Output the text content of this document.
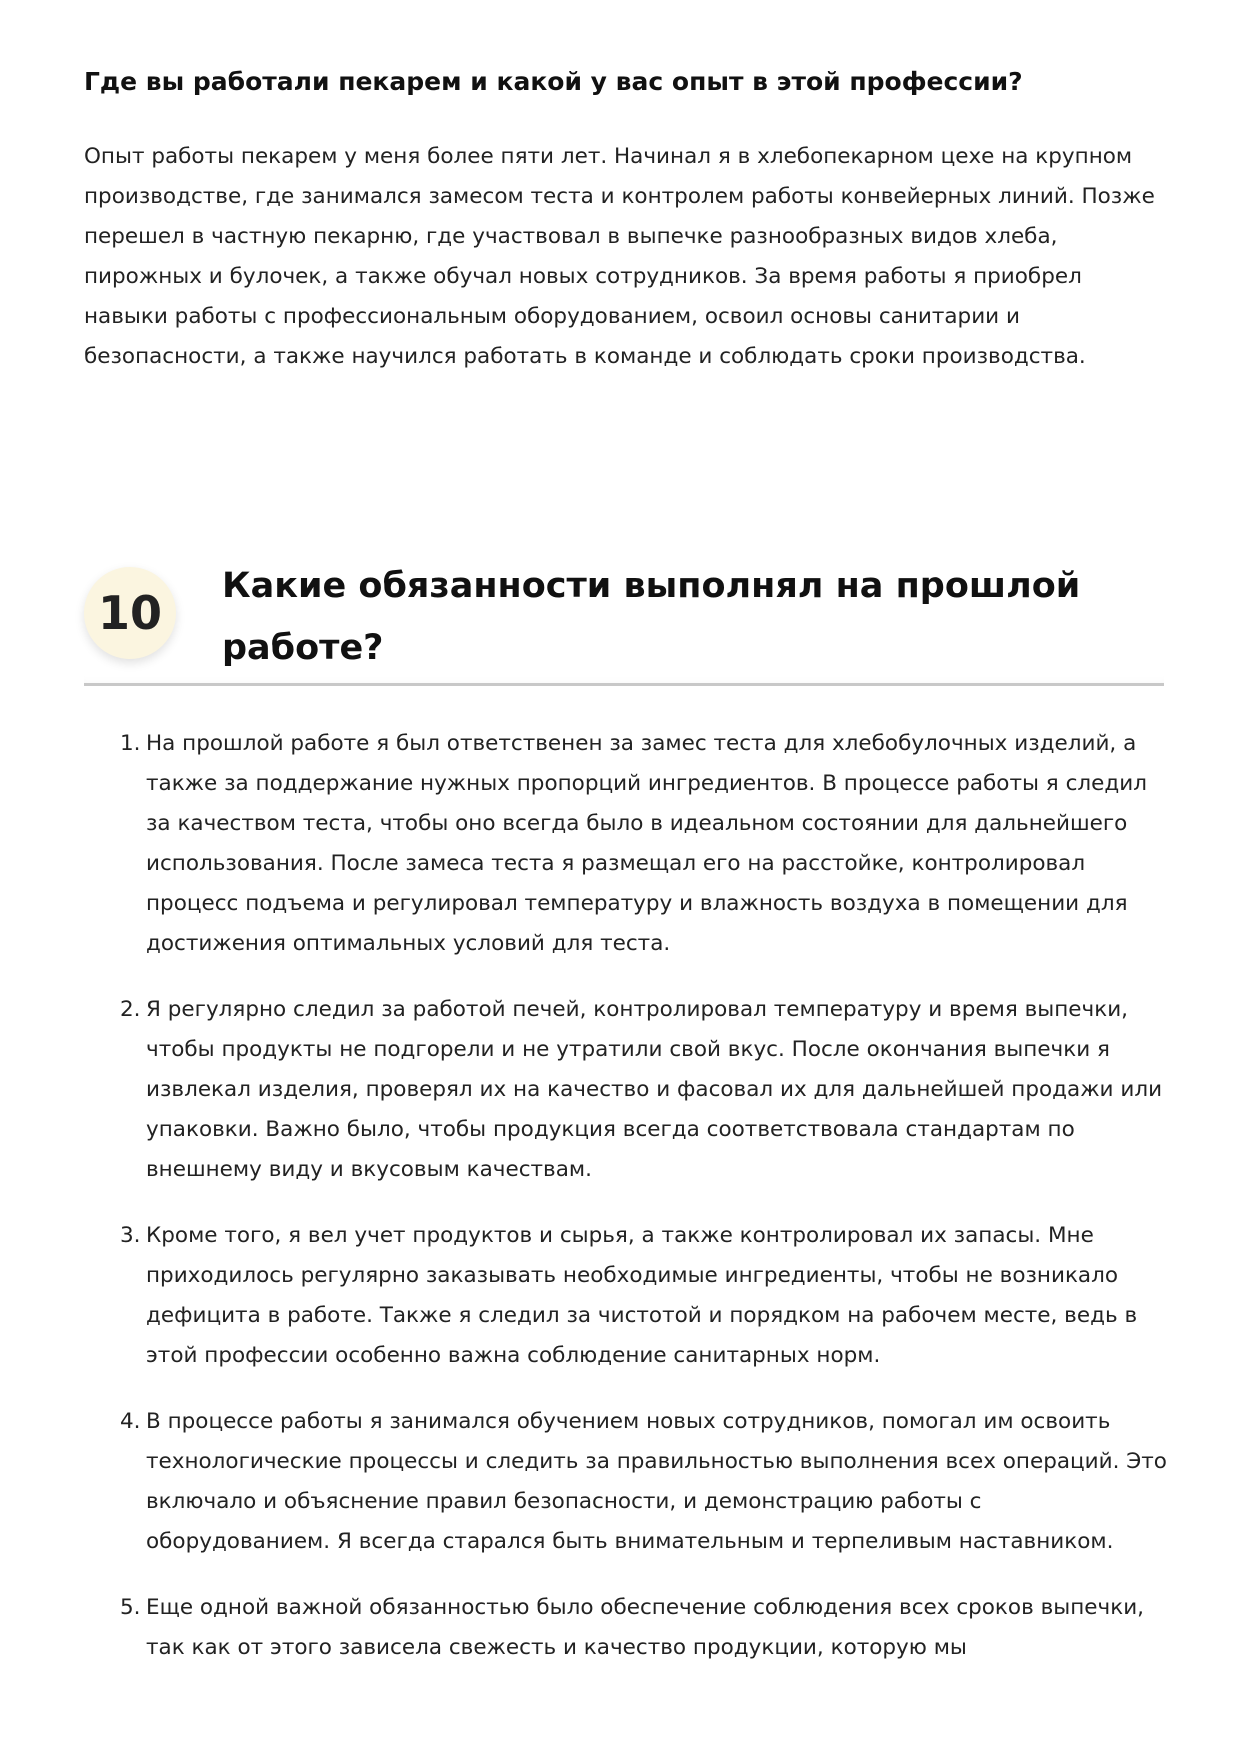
Где вы работали пекарем и какой у вас опыт в этой профессии?

Опыт работы пекарем у меня более пяти лет. Начинал я в хлебопекарном цехе на крупном производстве, где занимался замесом теста и контролем работы конвейерных линий. Позже перешел в частную пекарню, где участвовал в выпечке разнообразных видов хлеба, пирожных и булочек, а также обучал новых сотрудников. За время работы я приобрел навыки работы с профессиональным оборудованием, освоил основы санитарии и безопасности, а также научился работать в команде и соблюдать сроки производства.

10	Какие обязанности выполнял на прошлой работе?
1. На прошлой работе я был ответственен за замес теста для хлебобулочных изделий, а также за поддержание нужных пропорций ингредиентов. В процессе работы я следил за качеством теста, чтобы оно всегда было в идеальном состоянии для дальнейшего использования. После замеса теста я размещал его на расстойке, контролировал процесс подъема и регулировал температуру и влажность воздуха в помещении для достижения оптимальных условий для теста.
2. Я регулярно следил за работой печей, контролировал температуру и время выпечки, чтобы продукты не подгорели и не утратили свой вкус. После окончания выпечки я извлекал изделия, проверял их на качество и фасовал их для дальнейшей продажи или упаковки. Важно было, чтобы продукция всегда соответствовала стандартам по внешнему виду и вкусовым качествам.
3. Кроме того, я вел учет продуктов и сырья, а также контролировал их запасы. Мне приходилось регулярно заказывать необходимые ингредиенты, чтобы не возникало дефицита в работе. Также я следил за чистотой и порядком на рабочем месте, ведь в этой профессии особенно важна соблюдение санитарных норм.
4. В процессе работы я занимался обучением новых сотрудников, помогал им освоить технологические процессы и следить за правильностью выполнения всех операций. Это включало и объяснение правил безопасности, и демонстрацию работы с оборудованием. Я всегда старался быть внимательным и терпеливым наставником.
5. Еще одной важной обязанностью было обеспечение соблюдения всех сроков выпечки, так как от этого зависела свежесть и качество продукции, которую мы
